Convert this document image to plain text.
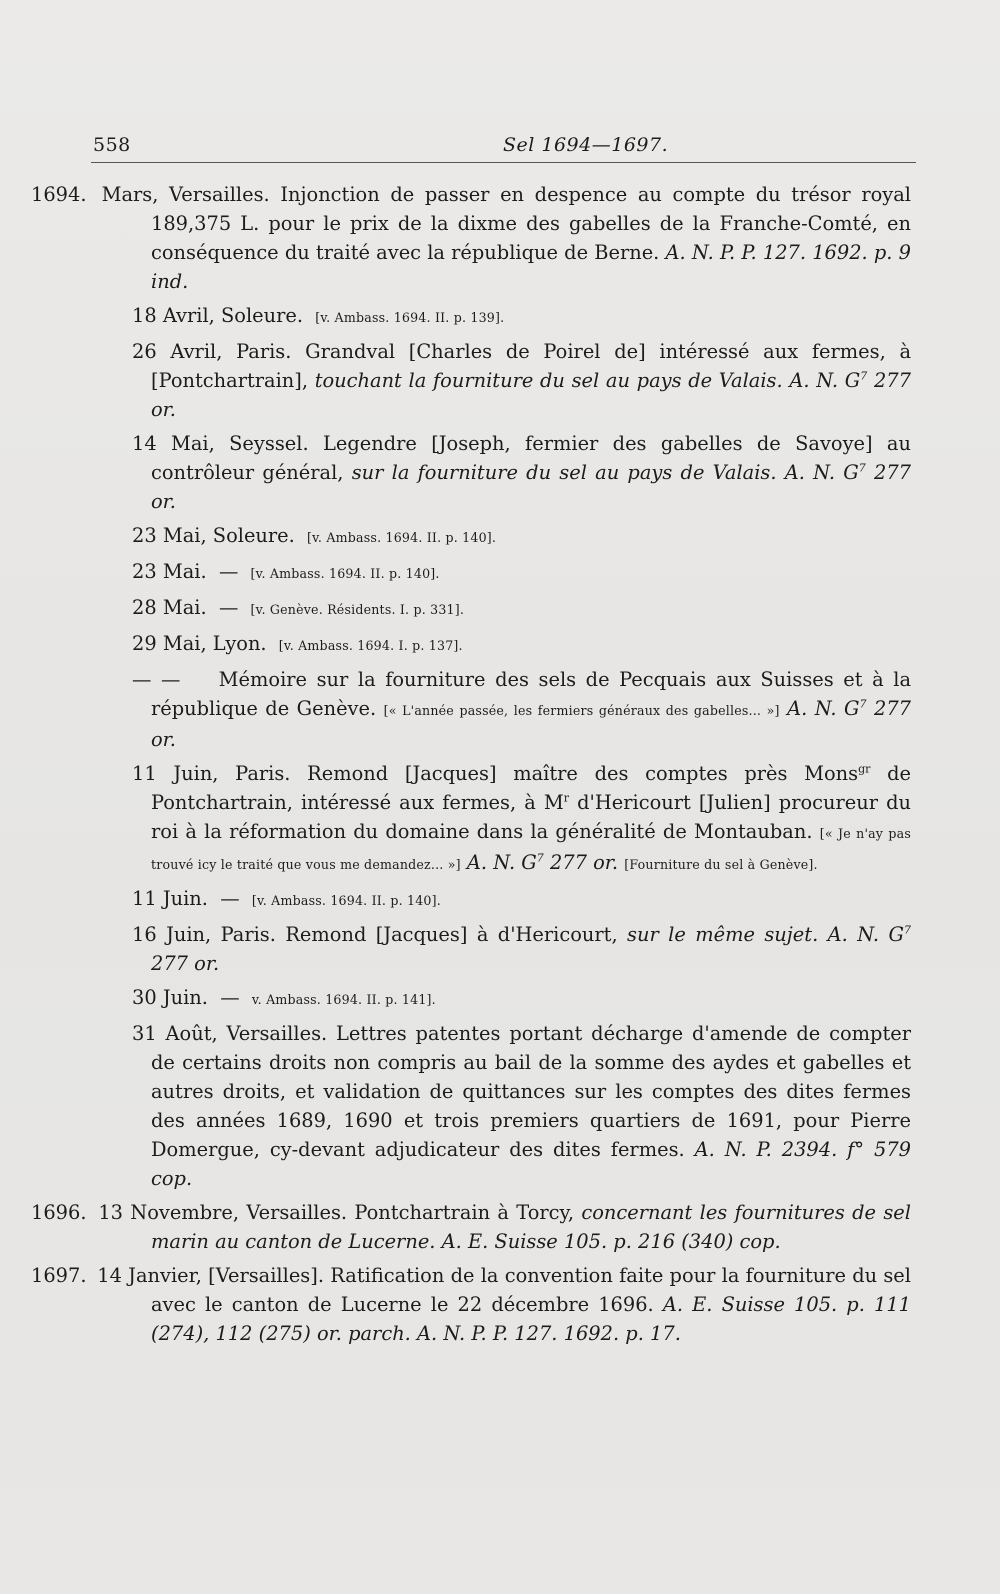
558	Sel 1694—1697.

1694. Mars, Versailles. Injonction de passer en despence au compte du trésor royal 189,375 L. pour le prix de la dixme des gabelles de la Franche-Comté, en conséquence du traité avec la république de Berne. A. N. P. P. 127. 1692. p. 9 ind.

18 Avril, Soleure. [v. Ambass. 1694. II. p. 139].

26 Avril, Paris. Grandval [Charles de Poirel de] intéressé aux fermes, à [Pontchartrain], touchant la fourniture du sel au pays de Valais. A. N. $G^7$ 277 or.

14 Mai, Seyssel. Legendre [Joseph, fermier des gabelles de Savoye] au contrôleur général, sur la fourniture du sel au pays de Valais. A. N. $G^7$ 277 or.

23 Mai, Soleure. [v. Ambass. 1694. II. p. 140].

23 Mai. — [v. Ambass. 1694. II. p. 140].

28 Mai. — [v. Genève. Résidents. I. p. 331].

29 Mai, Lyon. [v. Ambass. 1694. I. p. 137].

— — Mémoire sur la fourniture des sels de Pecquais aux Suisses et à la république de Genève. [« L'année passée, les fermiers généraux des gabelles... »] A. N. $G^7$ 277 or.

11 Juin, Paris. Remond [Jacques] maître des comptes près Mons$^{gr}$ de Pontchartrain, intéressé aux fermes, à $M^r$ d'Hericourt [Julien] procureur du roi à la réformation du domaine dans la généralité de Montauban. [« Je n'ay pas trouvé icy le traité que vous me demandez... »] A. N. $G^7$ 277 or. [Fourniture du sel à Genève].

11 Juin. — [v. Ambass. 1694. II. p. 140].

16 Juin, Paris. Remond [Jacques] à d'Hericourt, sur le même sujet. A. N. $G^7$ 277 or.

30 Juin. — v. Ambass. 1694. II. p. 141].

31 Août, Versailles. Lettres patentes portant décharge d'amende de compter de certains droits non compris au bail de la somme des aydes et gabelles et autres droits, et validation de quittances sur les comptes des dites fermes des années 1689, 1690 et trois premiers quartiers de 1691, pour Pierre Domergue, cy-devant adjudicateur des dites fermes. A. N. P. 2394. f° 579 cop.

1696. 13 Novembre, Versailles. Pontchartrain à Torcy, concernant les fournitures de sel marin au canton de Lucerne. A. E. Suisse 105. p. 216 (340) cop.

1697. 14 Janvier, [Versailles]. Ratification de la convention faite pour la fourniture du sel avec le canton de Lucerne le 22 décembre 1696. A. E. Suisse 105. p. 111 (274), 112 (275) or. parch. A. N. P. P. 127. 1692. p. 17.
